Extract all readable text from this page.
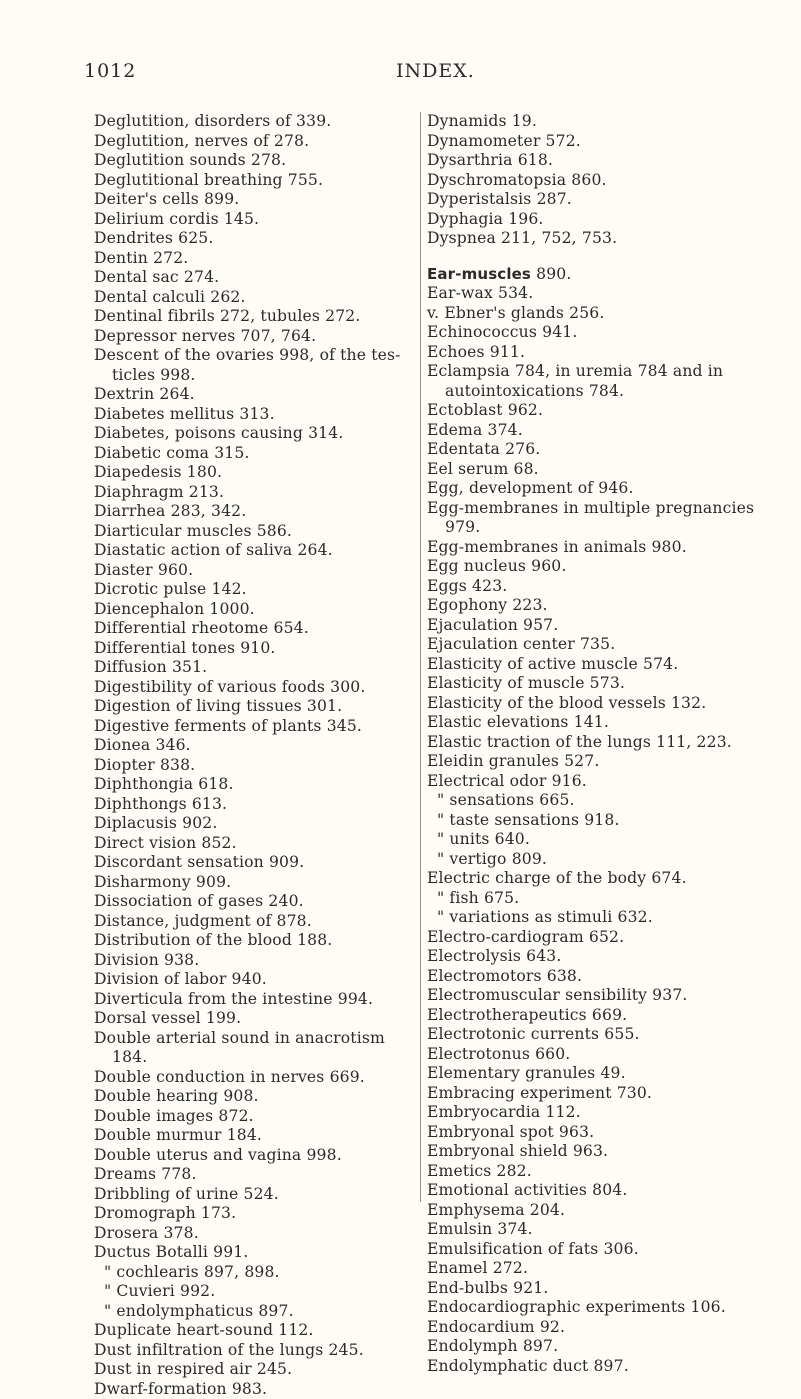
1012	INDEX.
Deglutition, disorders of 339.
Deglutition, nerves of 278.
Deglutition sounds 278.
Deglutitional breathing 755.
Deiter's cells 899.
Delirium cordis 145.
Dendrites 625.
Dentin 272.
Dental sac 274.
Dental calculi 262.
Dentinal fibrils 272, tubules 272.
Depressor nerves 707, 764.
Descent of the ovaries 998, of the tes-
ticles 998.
Dextrin 264.
Diabetes mellitus 313.
Diabetes, poisons causing 314.
Diabetic coma 315.
Diapedesis 180.
Diaphragm 213.
Diarrhea 283, 342.
Diarticular muscles 586.
Diastatic action of saliva 264.
Diaster 960.
Dicrotic pulse 142.
Diencephalon 1000.
Differential rheotome 654.
Differential tones 910.
Diffusion 351.
Digestibility of various foods 300.
Digestion of living tissues 301.
Digestive ferments of plants 345.
Dionea 346.
Diopter 838.
Diphthongia 618.
Diphthongs 613.
Diplacusis 902.
Direct vision 852.
Discordant sensation 909.
Disharmony 909.
Dissociation of gases 240.
Distance, judgment of 878.
Distribution of the blood 188.
Division 938.
Division of labor 940.
Diverticula from the intestine 994.
Dorsal vessel 199.
Double arterial sound in anacrotism
184.
Double conduction in nerves 669.
Double hearing 908.
Double images 872.
Double murmur 184.
Double uterus and vagina 998.
Dreams 778.
Dribbling of urine 524.
Dromograph 173.
Drosera 378.
Ductus Botalli 991.
" cochlearis 897, 898.
" Cuvieri 992.
" endolymphaticus 897.
Duplicate heart-sound 112.
Dust infiltration of the lungs 245.
Dust in respired air 245.
Dwarf-formation 983.
Dynamids 19.
Dynamometer 572.
Dysarthria 618.
Dyschromatopsia 860.
Dyperistalsis 287.
Dyphagia 196.
Dyspnea 211, 752, 753.
Ear-muscles 890.
Ear-wax 534.
v. Ebner's glands 256.
Echinococcus 941.
Echoes 911.
Eclampsia 784, in uremia 784 and in
autointoxications 784.
Ectoblast 962.
Edema 374.
Edentata 276.
Eel serum 68.
Egg, development of 946.
Egg-membranes in multiple pregnancies
979.
Egg-membranes in animals 980.
Egg nucleus 960.
Eggs 423.
Egophony 223.
Ejaculation 957.
Ejaculation center 735.
Elasticity of active muscle 574.
Elasticity of muscle 573.
Elasticity of the blood vessels 132.
Elastic elevations 141.
Elastic traction of the lungs 111, 223.
Eleidin granules 527.
Electrical odor 916.
" sensations 665.
" taste sensations 918.
" units 640.
" vertigo 809.
Electric charge of the body 674.
" fish 675.
" variations as stimuli 632.
Electro-cardiogram 652.
Electrolysis 643.
Electromotors 638.
Electromuscular sensibility 937.
Electrotherapeutics 669.
Electrotonic currents 655.
Electrotonus 660.
Elementary granules 49.
Embracing experiment 730.
Embryocardia 112.
Embryonal spot 963.
Embryonal shield 963.
Emetics 282.
Emotional activities 804.
Emphysema 204.
Emulsin 374.
Emulsification of fats 306.
Enamel 272.
End-bulbs 921.
Endocardiographic experiments 106.
Endocardium 92.
Endolymph 897.
Endolymphatic duct 897.
